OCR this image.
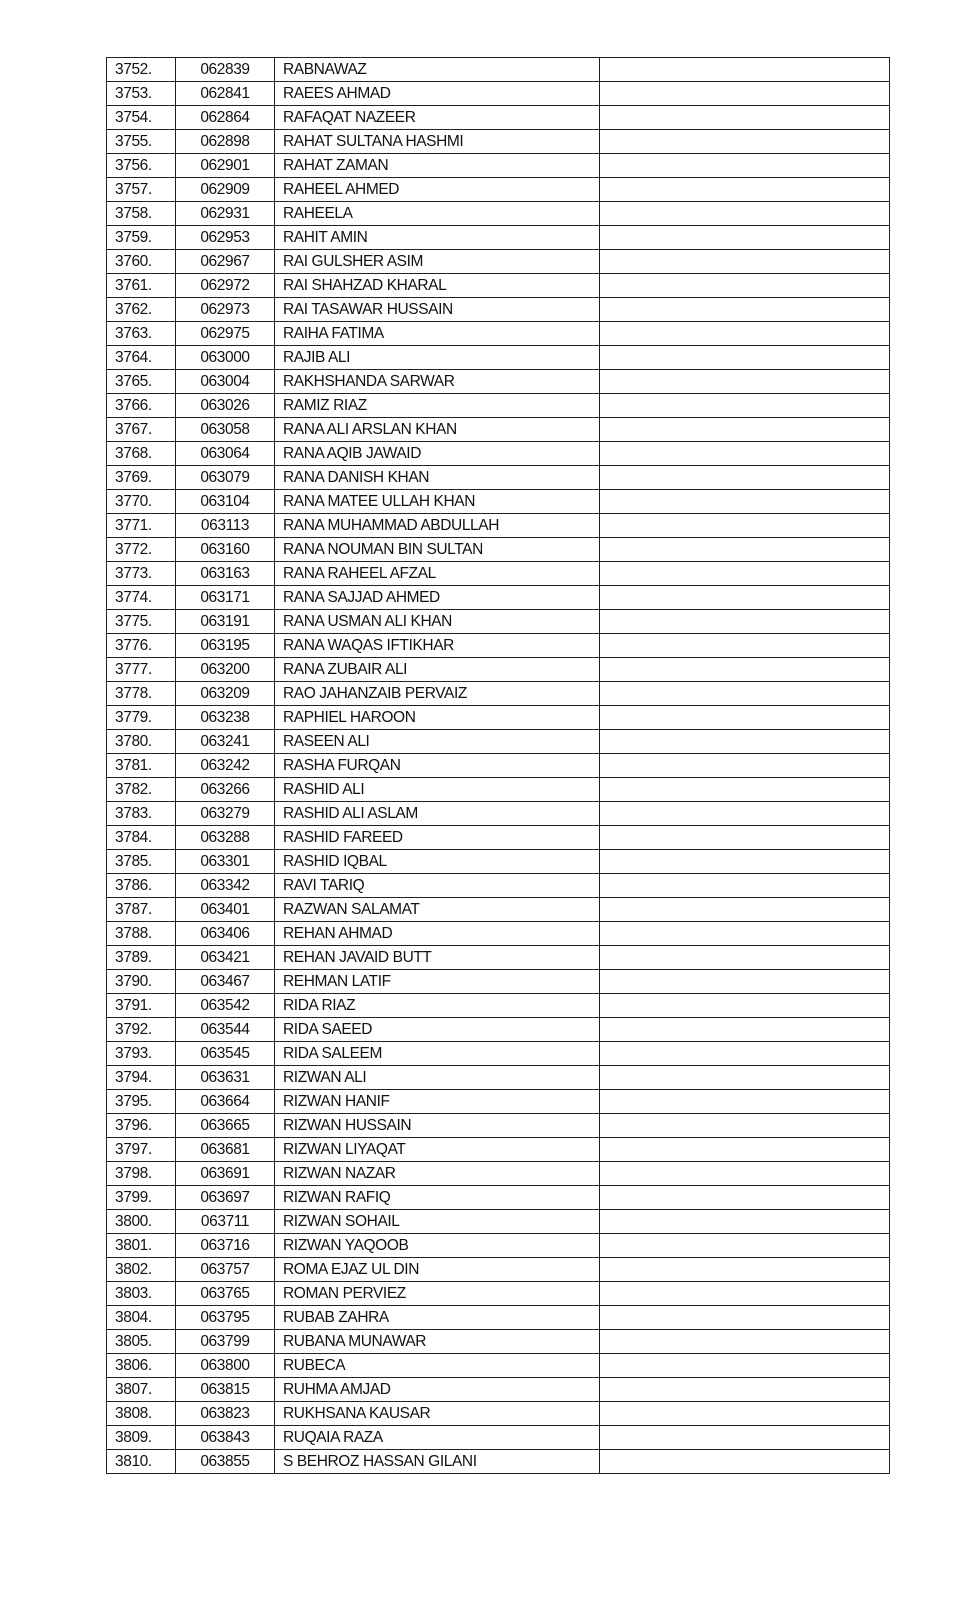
3752.	062839	RABNAWAZ	
3753.	062841	RAEES AHMAD	
3754.	062864	RAFAQAT NAZEER	
3755.	062898	RAHAT SULTANA HASHMI	
3756.	062901	RAHAT ZAMAN	
3757.	062909	RAHEEL AHMED	
3758.	062931	RAHEELA	
3759.	062953	RAHIT AMIN	
3760.	062967	RAI GULSHER ASIM	
3761.	062972	RAI SHAHZAD KHARAL	
3762.	062973	RAI TASAWAR HUSSAIN	
3763.	062975	RAIHA FATIMA	
3764.	063000	RAJIB ALI	
3765.	063004	RAKHSHANDA SARWAR	
3766.	063026	RAMIZ RIAZ	
3767.	063058	RANA ALI ARSLAN KHAN	
3768.	063064	RANA AQIB JAWAID	
3769.	063079	RANA DANISH KHAN	
3770.	063104	RANA MATEE ULLAH KHAN	
3771.	063113	RANA MUHAMMAD ABDULLAH	
3772.	063160	RANA NOUMAN BIN SULTAN	
3773.	063163	RANA RAHEEL AFZAL	
3774.	063171	RANA SAJJAD AHMED	
3775.	063191	RANA USMAN ALI KHAN	
3776.	063195	RANA WAQAS IFTIKHAR	
3777.	063200	RANA ZUBAIR ALI	
3778.	063209	RAO JAHANZAIB PERVAIZ	
3779.	063238	RAPHIEL HAROON	
3780.	063241	RASEEN ALI	
3781.	063242	RASHA FURQAN	
3782.	063266	RASHID ALI	
3783.	063279	RASHID ALI ASLAM	
3784.	063288	RASHID FAREED	
3785.	063301	RASHID IQBAL	
3786.	063342	RAVI TARIQ	
3787.	063401	RAZWAN SALAMAT	
3788.	063406	REHAN AHMAD	
3789.	063421	REHAN JAVAID BUTT	
3790.	063467	REHMAN LATIF	
3791.	063542	RIDA RIAZ	
3792.	063544	RIDA SAEED	
3793.	063545	RIDA SALEEM	
3794.	063631	RIZWAN ALI	
3795.	063664	RIZWAN HANIF	
3796.	063665	RIZWAN HUSSAIN	
3797.	063681	RIZWAN LIYAQAT	
3798.	063691	RIZWAN NAZAR	
3799.	063697	RIZWAN RAFIQ	
3800.	063711	RIZWAN SOHAIL	
3801.	063716	RIZWAN YAQOOB	
3802.	063757	ROMA EJAZ UL DIN	
3803.	063765	ROMAN PERVIEZ	
3804.	063795	RUBAB ZAHRA	
3805.	063799	RUBANA MUNAWAR	
3806.	063800	RUBECA	
3807.	063815	RUHMA AMJAD	
3808.	063823	RUKHSANA KAUSAR	
3809.	063843	RUQAIA RAZA	
3810.	063855	S BEHROZ HASSAN GILANI	
